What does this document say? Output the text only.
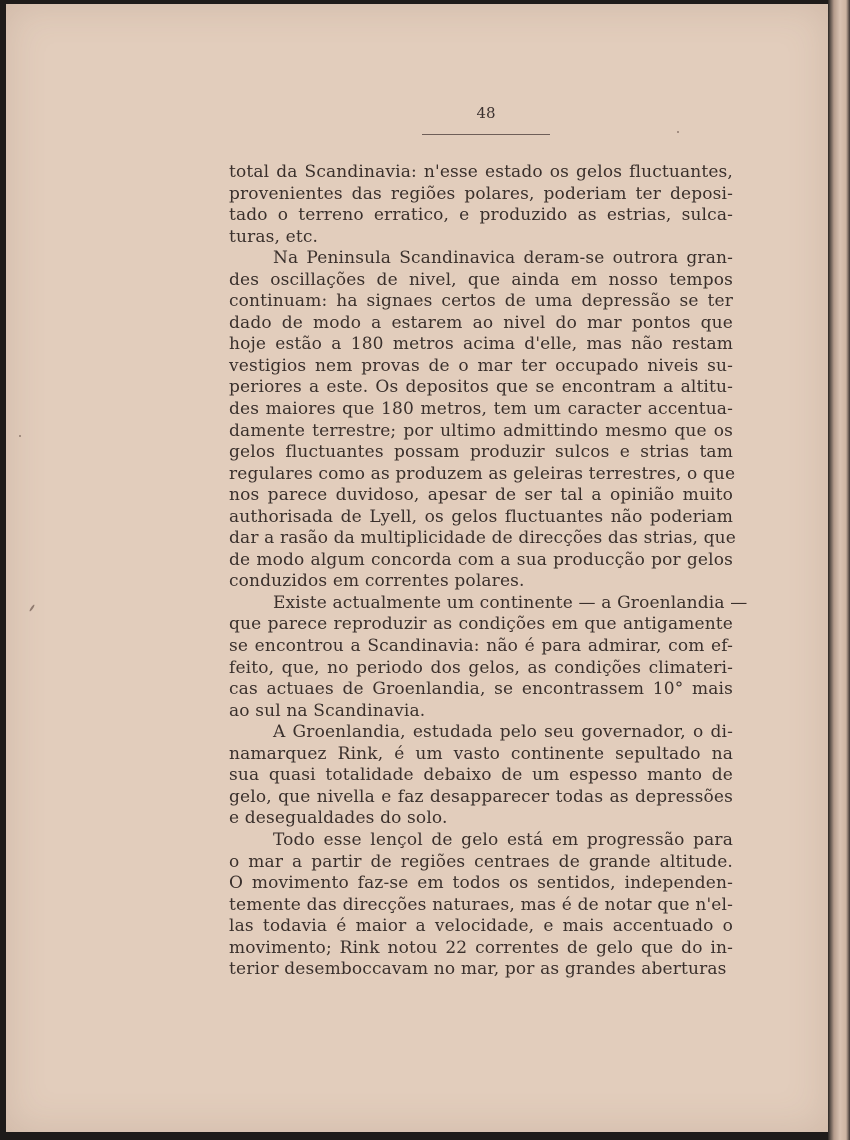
48
total da Scandinavia: n'esse estado os gelos fluctuantes,
provenientes das regiões polares, poderiam ter deposi-
tado o terreno erratico, e produzido as estrias, sulca-
turas, etc.
Na Peninsula Scandinavica deram-se outrora gran-
des oscillações de nivel, que ainda em nosso tempos
continuam: ha signaes certos de uma depressão se ter
dado de modo a estarem ao nivel do mar pontos que
hoje estão a 180 metros acima d'elle, mas não restam
vestigios nem provas de o mar ter occupado niveis su-
periores a este. Os depositos que se encontram a altitu-
des maiores que 180 metros, tem um caracter accentua-
damente terrestre; por ultimo admittindo mesmo que os
gelos fluctuantes possam produzir sulcos e strias tam
regulares como as produzem as geleiras terrestres, o que
nos parece duvidoso, apesar de ser tal a opinião muito
authorisada de Lyell, os gelos fluctuantes não poderiam
dar a rasão da multiplicidade de direcções das strias, que
de modo algum concorda com a sua producção por gelos
conduzidos em correntes polares.
Existe actualmente um continente — a Groenlandia —
que parece reproduzir as condições em que antigamente
se encontrou a Scandinavia: não é para admirar, com ef-
feito, que, no periodo dos gelos, as condições climateri-
cas actuaes de Groenlandia, se encontrassem 10° mais
ao sul na Scandinavia.
A Groenlandia, estudada pelo seu governador, o di-
namarquez Rink, é um vasto continente sepultado na
sua quasi totalidade debaixo de um espesso manto de
gelo, que nivella e faz desapparecer todas as depressões
e desegualdades do solo.
Todo esse lençol de gelo está em progressão para
o mar a partir de regiões centraes de grande altitude.
O movimento faz-se em todos os sentidos, independen-
temente das direcções naturaes, mas é de notar que n'el-
las todavia é maior a velocidade, e mais accentuado o
movimento; Rink notou 22 correntes de gelo que do in-
terior desemboccavam no mar, por as grandes aberturas
